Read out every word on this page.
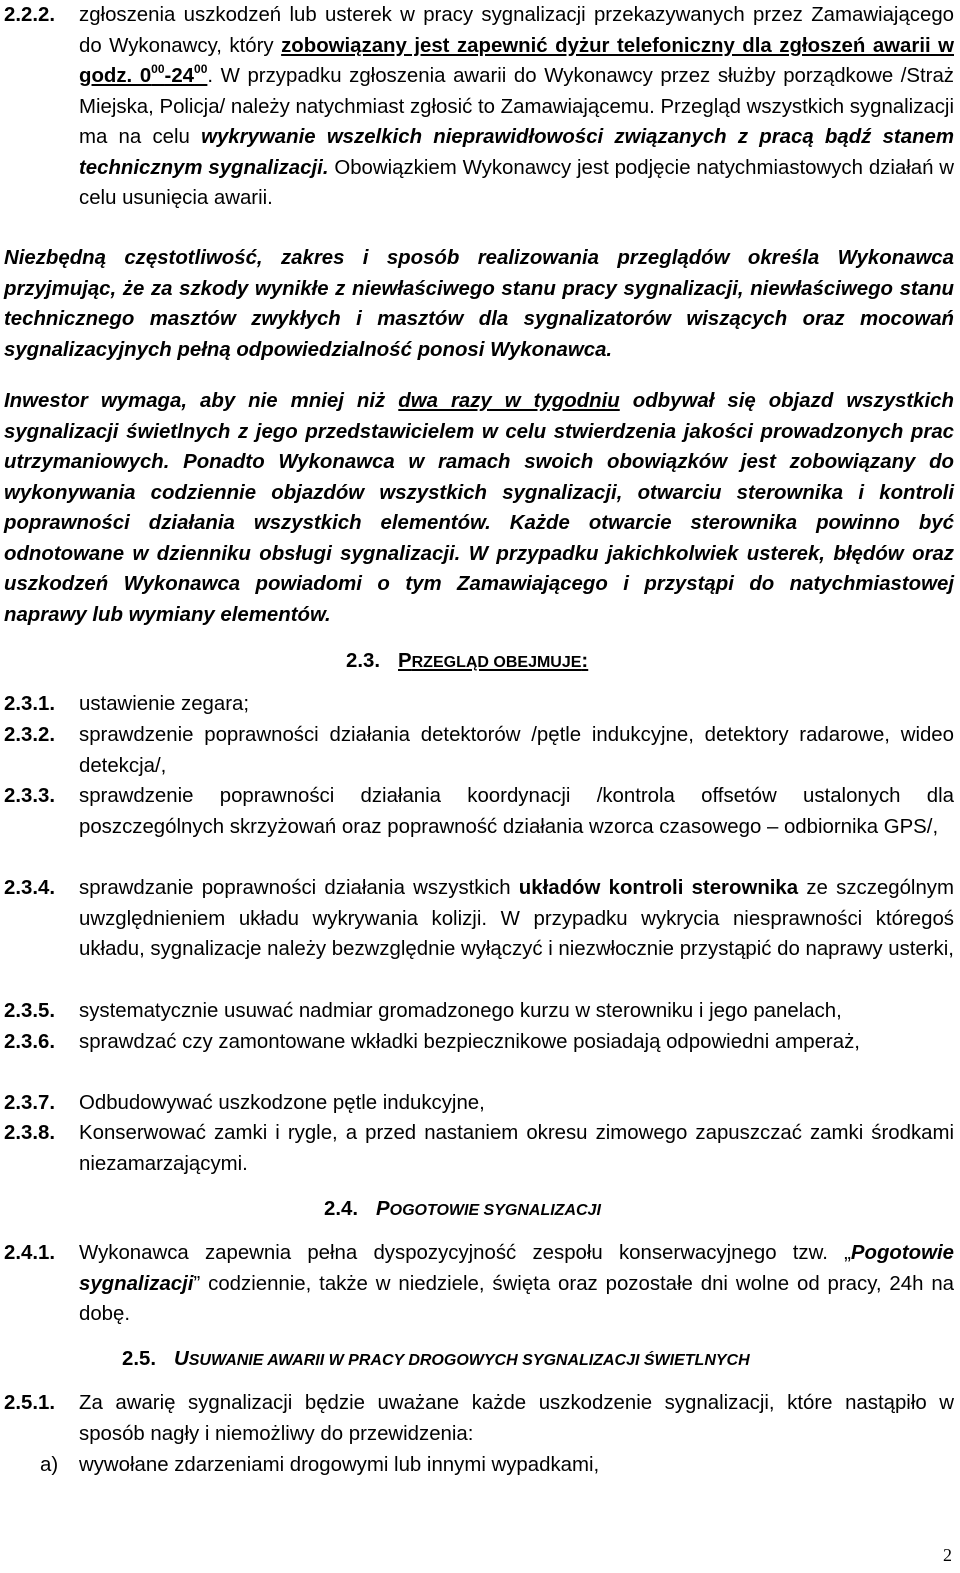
2.2.2.	zgłoszenia uszkodzeń lub usterek w pracy sygnalizacji przekazywanych przez Zamawiającego do Wykonawcy, który zobowiązany jest zapewnić dyżur telefoniczny dla zgłoszeń awarii w godz. $0^{00}-24^{00}$. W przypadku zgłoszenia awarii do Wykonawcy przez służby porządkowe /Straż Miejska, Policja/ należy natychmiast zgłosić to Zamawiającemu. Przegląd wszystkich sygnalizacji ma na celu wykrywanie wszelkich nieprawidłowości związanych z pracą bądź stanem technicznym sygnalizacji. Obowiązkiem Wykonawcy jest podjęcie natychmiastowych działań w celu usunięcia awarii.
Niezbędną częstotliwość, zakres i sposób realizowania przeglądów określa Wykonawca przyjmując, że za szkody wynikłe z niewłaściwego stanu pracy sygnalizacji, niewłaściwego stanu technicznego masztów zwykłych i masztów dla sygnalizatorów wiszących oraz mocowań sygnalizacyjnych pełną odpowiedzialność ponosi Wykonawca.
Inwestor wymaga, aby nie mniej niż dwa razy w tygodniu odbywał się objazd wszystkich sygnalizacji świetlnych z jego przedstawicielem w celu stwierdzenia jakości prowadzonych prac utrzymaniowych. Ponadto Wykonawca w ramach swoich obowiązków jest zobowiązany do wykonywania codziennie objazdów wszystkich sygnalizacji, otwarciu sterownika i kontroli poprawności działania wszystkich elementów. Każde otwarcie sterownika powinno być odnotowane w dzienniku obsługi sygnalizacji. W przypadku jakichkolwiek usterek, błędów oraz uszkodzeń Wykonawca powiadomi o tym Zamawiającego i przystąpi do natychmiastowej naprawy lub wymiany elementów.
2.3. PRZEGLĄD OBEJMUJE:
2.3.1.	ustawienie zegara;
2.3.2.	sprawdzenie poprawności działania detektorów /pętle indukcyjne, detektory radarowe, wideo detekcja/,
2.3.3.	sprawdzenie poprawności działania koordynacji /kontrola offsetów ustalonych dla poszczególnych skrzyżowań oraz poprawność działania wzorca czasowego – odbiornika GPS/,
2.3.4.	sprawdzanie poprawności działania wszystkich układów kontroli sterownika ze szczególnym uwzględnieniem układu wykrywania kolizji. W przypadku wykrycia niesprawności któregoś układu, sygnalizacje należy bezwzględnie wyłączyć i niezwłocznie przystąpić do naprawy usterki,
2.3.5.	systematycznie usuwać nadmiar gromadzonego kurzu w sterowniku i jego panelach,
2.3.6.	sprawdzać czy zamontowane wkładki bezpiecznikowe posiadają odpowiedni amperaż,
2.3.7.	Odbudowywać uszkodzone pętle indukcyjne,
2.3.8.	Konserwować zamki i rygle, a przed nastaniem okresu zimowego zapuszczać zamki środkami niezamarzającymi.
2.4. POGOTOWIE SYGNALIZACJI
2.4.1.	Wykonawca zapewnia pełna dyspozycyjność zespołu konserwacyjnego tzw. „Pogotowie sygnalizacji” codziennie, także w niedziele, święta oraz pozostałe dni wolne od pracy, 24h na dobę.
2.5. USUWANIE AWARII W PRACY DROGOWYCH SYGNALIZACJI ŚWIETLNYCH
2.5.1.	Za awarię sygnalizacji będzie uważane każde uszkodzenie sygnalizacji, które nastąpiło w sposób nagły i niemożliwy do przewidzenia:
a)	wywołane zdarzeniami drogowymi lub innymi wypadkami,
2
